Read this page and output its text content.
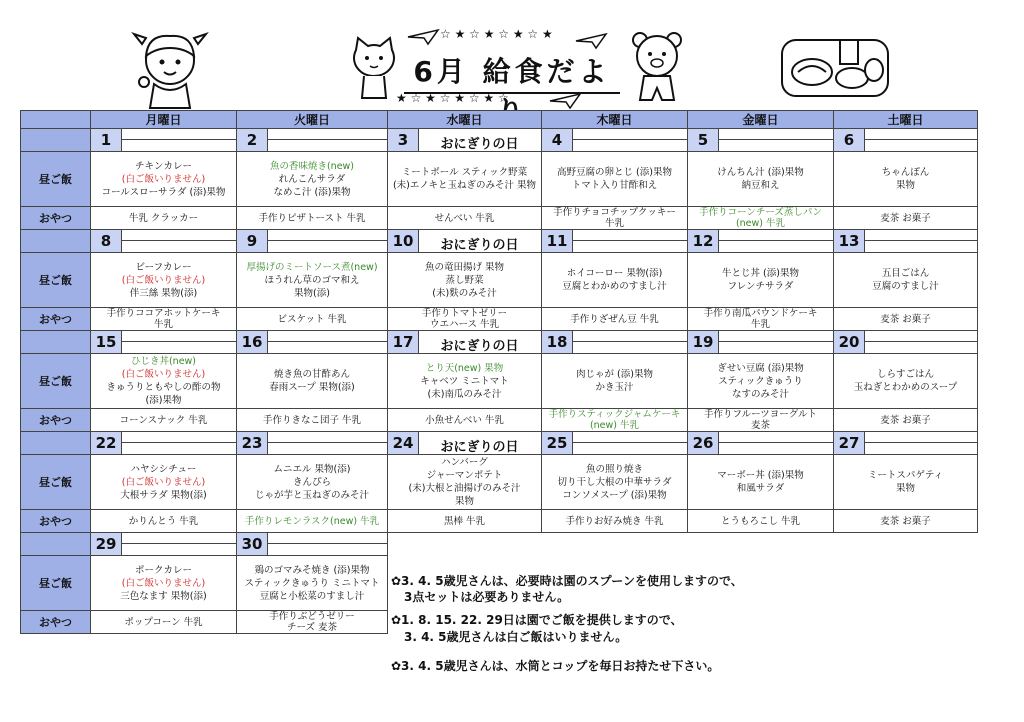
☆ ★ ☆ ★ ☆ ★ ☆ ★
★ ☆ ★ ☆ ★ ☆ ★ ☆
6月 給食だよ
	月曜日	火曜日	水曜日	木曜日	金曜日	土曜日

1	2	3 おにぎりの日	4	5	6

昼ご飯	チキンカレー
(白ご飯いりません)
コールスローサラダ (添)果物	魚の香味焼き(new)
れんこんサラダ
なめこ汁 (添)果物	ミートボール スティック野菜
(未)エノキと玉ねぎのみそ汁 果物	高野豆腐の卵とじ (添)果物
トマト入り甘酢和え	けんちん汁 (添)果物
納豆和え	ちゃんぽん
果物

おやつ	牛乳 クラッカー	手作りピザトースト 牛乳	せんべい 牛乳	手作りチョコチップクッキー
牛乳	手作りコーンチーズ蒸しパン
(new) 牛乳	麦茶 お菓子

8	9	10 おにぎりの日	11	12	13

昼ご飯	ビーフカレー
(白ご飯いりません)
伴三絲 果物(添)	厚揚げのミートソース煮(new)
ほうれん草のゴマ和え
果物(添)	魚の竜田揚げ 果物
蒸し野菜
(未)麩のみそ汁	ホイコーロー 果物(添)
豆腐とわかめのすまし汁	牛とじ丼 (添)果物
フレンチサラダ	五目ごはん
豆腐のすまし汁

おやつ	手作りココアホットケーキ
牛乳	ビスケット 牛乳	手作りトマトゼリー
ウエハース 牛乳	手作りざぜん豆 牛乳	手作り南瓜パウンドケーキ
牛乳	麦茶 お菓子

15	16	17 おにぎりの日	18	19	20

昼ご飯	ひじき丼(new)
(白ご飯いりません)
きゅうりともやしの酢の物
(添)果物	焼き魚の甘酢あん
春雨スープ 果物(添)	とり天(new) 果物
キャベツ ミニトマト
(未)南瓜のみそ汁	肉じゃが (添)果物
かき玉汁	ぎせい豆腐 (添)果物
スティックきゅうり
なすのみそ汁	しらすごはん
玉ねぎとわかめのスープ

おやつ	コーンスナック 牛乳	手作りきなこ団子 牛乳	小魚せんべい 牛乳	手作りスティックジャムケーキ
(new) 牛乳	手作りフルーツヨーグルト
麦茶	麦茶 お菓子

22	23	24 おにぎりの日	25	26	27

昼ご飯	ハヤシシチュー
(白ご飯いりません)
大根サラダ 果物(添)	ムニエル 果物(添)
きんぴら
じゃが芋と玉ねぎのみそ汁	ハンバーグ
ジャーマンポテト
(未)大根と油揚げのみそ汁
果物	魚の照り焼き
切り干し大根の中華サラダ
コンソメスープ (添)果物	マーボー丼 (添)果物
和風サラダ	ミートスパゲティ
果物

おやつ	かりんとう 牛乳	手作りレモンラスク(new) 牛乳	黒棒 牛乳	手作りお好み焼き 牛乳	とうもろこし 牛乳	麦茶 お菓子

29	30				

昼ご飯	ポークカレー
(白ご飯いりません)
三色なます 果物(添)	鶏のゴマみそ焼き (添)果物
スティックきゅうり ミニトマト
豆腐と小松菜のすまし汁				

おやつ	ポップコーン 牛乳	手作りぶどうゼリー
チーズ 麦茶				

✿3. 4. 5歳児さんは、必要時は園のスプーンを使用しますので、
3点セットは必要ありません。
✿1. 8. 15. 22. 29日は園でご飯を提供しますので、
3. 4. 5歳児さんは白ご飯はいりません。
✿3. 4. 5歳児さんは、水筒とコップを毎日お持たせ下さい。
